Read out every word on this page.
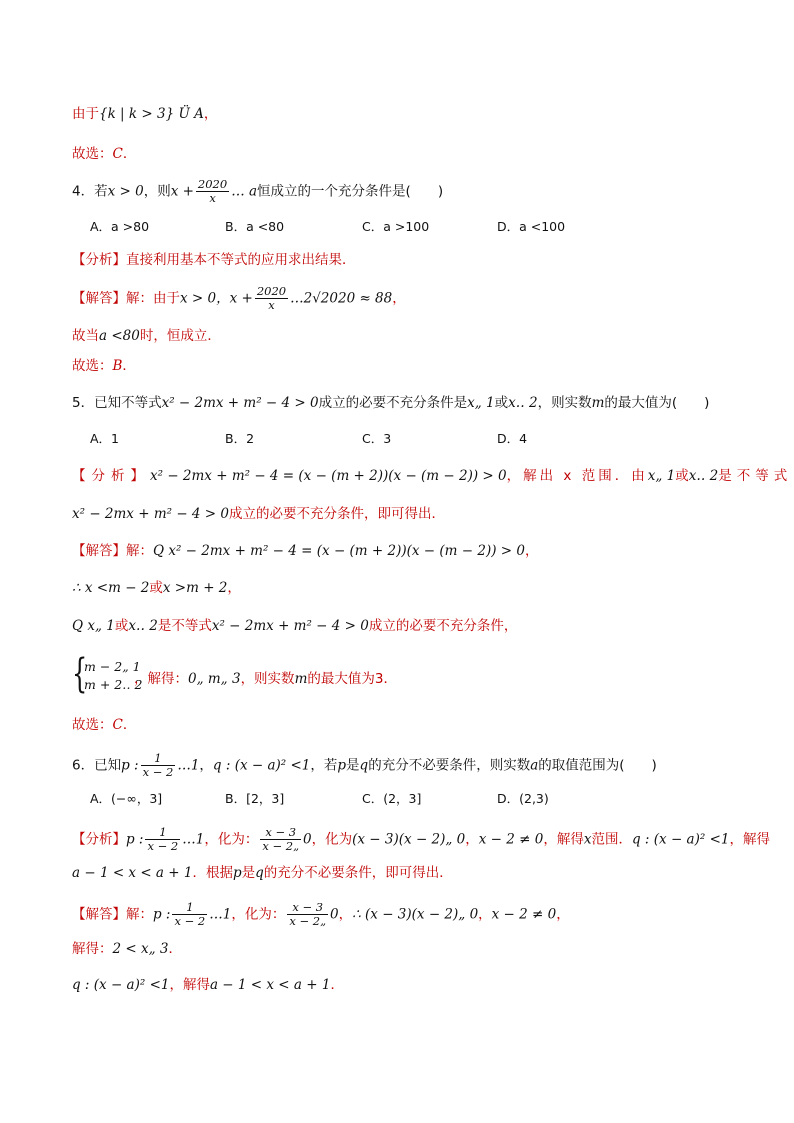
由于{k | k > 3} Ü A，
故选：C．
4．若x > 0，则$x + \frac{2020}{x}$ … a恒成立的一个充分条件是(　　)
A．a >80	B．a <80	C．a >100	D．a <100
【分析】直接利用基本不等式的应用求出结果．
【解答】解：由于x > 0，$x + \frac{2020}{x}$ …2√2020 ≈ 88，
故当a <80时，恒成立．
故选：B．
5．已知不等式x² − 2mx + m² − 4 > 0成立的必要不充分条件是x„ 1或x‥ 2，则实数m的最大值为(　　)
A．1	B．2	C．3	D．4
【分析】x² − 2mx + m² − 4 = (x − (m + 2))(x − (m − 2)) > 0，解出 x 范围．由x„ 1或x‥ 2是不等式
x² − 2mx + m² − 4 > 0成立的必要不充分条件，即可得出．
【解答】解：Q x² − 2mx + m² − 4 = (x − (m + 2))(x − (m − 2)) > 0，
∴ x <m − 2或x >m + 2，
Q x„ 1或x‥ 2是不等式x² − 2mx + m² − 4 > 0成立的必要不充分条件，
{
m − 2„ 1
m + 2‥ 2
，解得：0„ m„ 3，则实数m的最大值为3．
故选：C．
6．已知p : $\frac{1}{x - 2}$ …1，q : (x − a)² <1，若p是q的充分不必要条件，则实数a的取值范围为(　　)
A．(−∞，3]	B．[2，3]	C．(2，3]	D．(2,3)
【分析】p : $\frac{1}{x - 2}$ …1，化为： $\frac{x - 3}{x - 2„} 0$，化为(x − 3)(x − 2)„ 0，x − 2 ≠ 0，解得x范围．q : (x − a)² <1，解得
a − 1 < x < a + 1．根据p是q的充分不必要条件，即可得出．
【解答】解：p : $\frac{1}{x - 2}$ …1，化为： $\frac{x - 3}{x - 2„} 0$，∴ (x − 3)(x − 2)„ 0，x − 2 ≠ 0，
解得：2 < x„ 3．
q : (x − a)² <1，解得a − 1 < x < a + 1．
